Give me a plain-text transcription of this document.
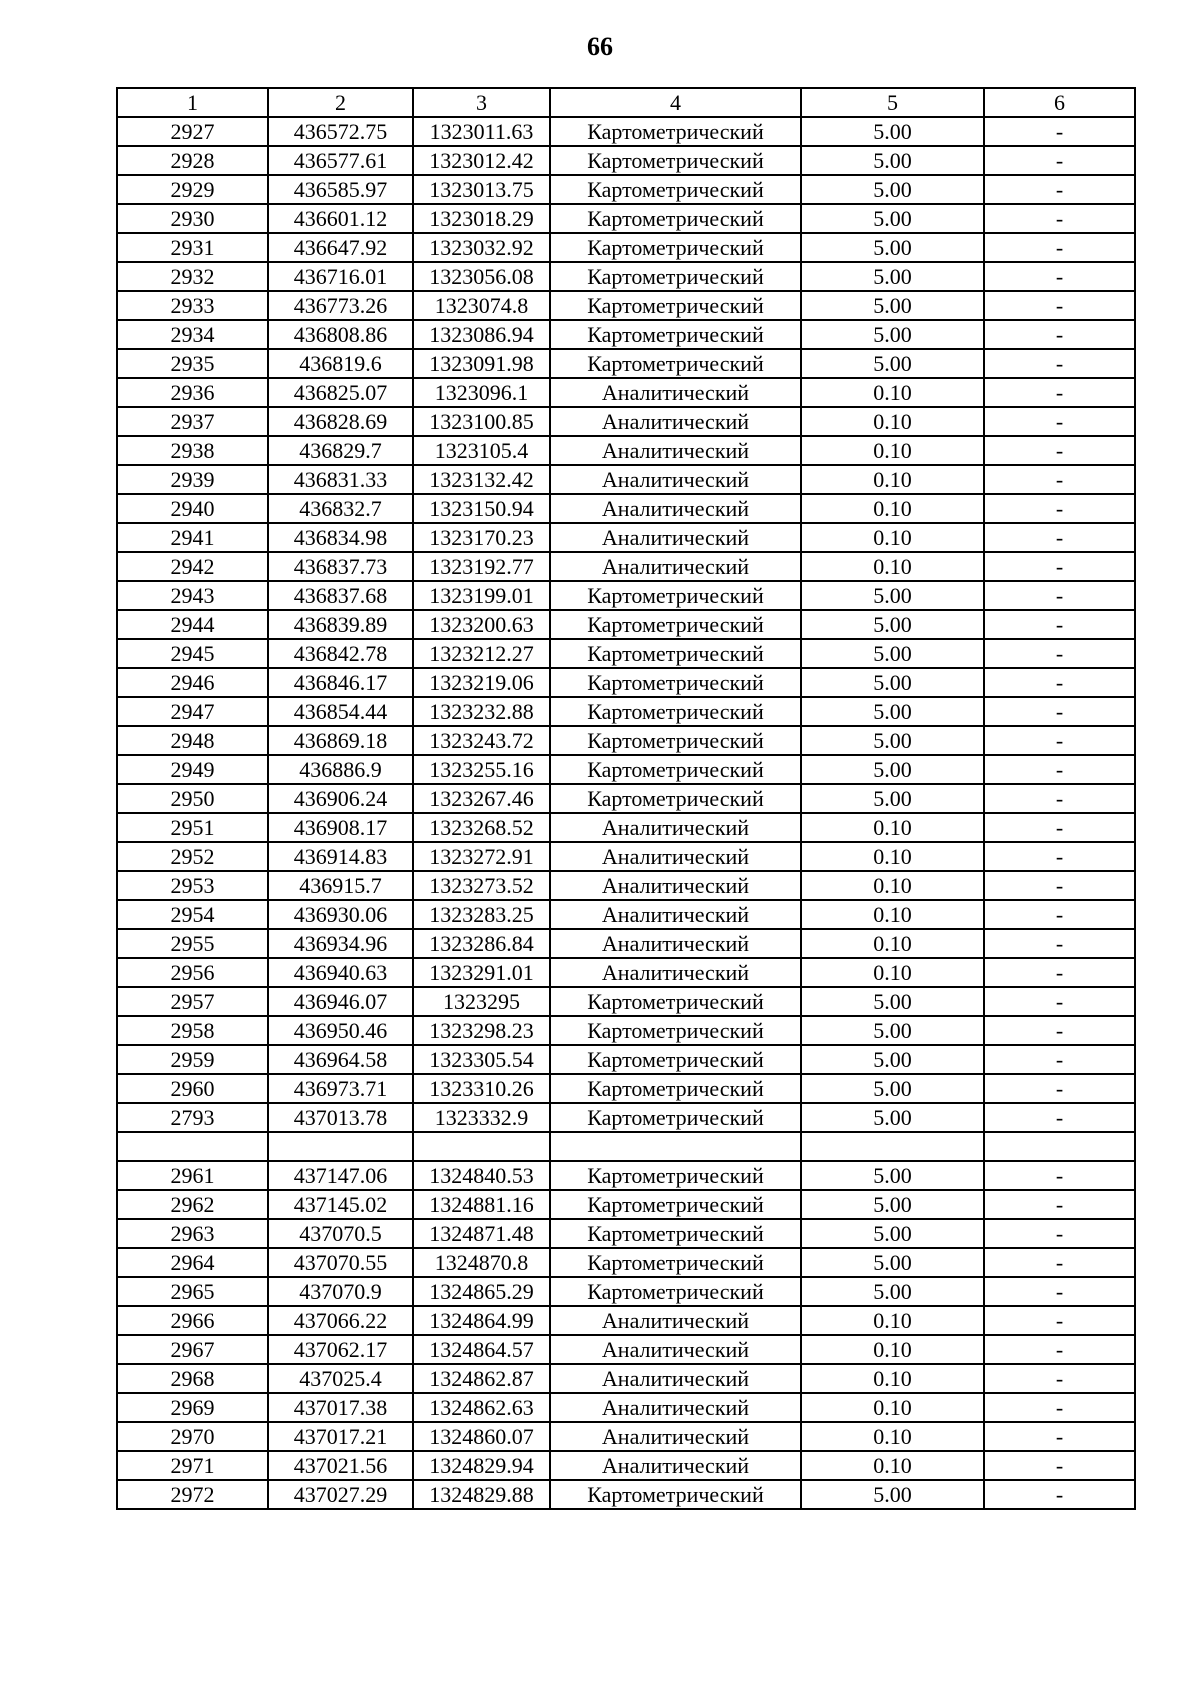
66
1	2	3	4	5	6
2927	436572.75	1323011.63	Картометрический	5.00	-
2928	436577.61	1323012.42	Картометрический	5.00	-
2929	436585.97	1323013.75	Картометрический	5.00	-
2930	436601.12	1323018.29	Картометрический	5.00	-
2931	436647.92	1323032.92	Картометрический	5.00	-
2932	436716.01	1323056.08	Картометрический	5.00	-
2933	436773.26	1323074.8	Картометрический	5.00	-
2934	436808.86	1323086.94	Картометрический	5.00	-
2935	436819.6	1323091.98	Картометрический	5.00	-
2936	436825.07	1323096.1	Аналитический	0.10	-
2937	436828.69	1323100.85	Аналитический	0.10	-
2938	436829.7	1323105.4	Аналитический	0.10	-
2939	436831.33	1323132.42	Аналитический	0.10	-
2940	436832.7	1323150.94	Аналитический	0.10	-
2941	436834.98	1323170.23	Аналитический	0.10	-
2942	436837.73	1323192.77	Аналитический	0.10	-
2943	436837.68	1323199.01	Картометрический	5.00	-
2944	436839.89	1323200.63	Картометрический	5.00	-
2945	436842.78	1323212.27	Картометрический	5.00	-
2946	436846.17	1323219.06	Картометрический	5.00	-
2947	436854.44	1323232.88	Картометрический	5.00	-
2948	436869.18	1323243.72	Картометрический	5.00	-
2949	436886.9	1323255.16	Картометрический	5.00	-
2950	436906.24	1323267.46	Картометрический	5.00	-
2951	436908.17	1323268.52	Аналитический	0.10	-
2952	436914.83	1323272.91	Аналитический	0.10	-
2953	436915.7	1323273.52	Аналитический	0.10	-
2954	436930.06	1323283.25	Аналитический	0.10	-
2955	436934.96	1323286.84	Аналитический	0.10	-
2956	436940.63	1323291.01	Аналитический	0.10	-
2957	436946.07	1323295	Картометрический	5.00	-
2958	436950.46	1323298.23	Картометрический	5.00	-
2959	436964.58	1323305.54	Картометрический	5.00	-
2960	436973.71	1323310.26	Картометрический	5.00	-
2793	437013.78	1323332.9	Картометрический	5.00	-

2961	437147.06	1324840.53	Картометрический	5.00	-
2962	437145.02	1324881.16	Картометрический	5.00	-
2963	437070.5	1324871.48	Картометрический	5.00	-
2964	437070.55	1324870.8	Картометрический	5.00	-
2965	437070.9	1324865.29	Картометрический	5.00	-
2966	437066.22	1324864.99	Аналитический	0.10	-
2967	437062.17	1324864.57	Аналитический	0.10	-
2968	437025.4	1324862.87	Аналитический	0.10	-
2969	437017.38	1324862.63	Аналитический	0.10	-
2970	437017.21	1324860.07	Аналитический	0.10	-
2971	437021.56	1324829.94	Аналитический	0.10	-
2972	437027.29	1324829.88	Картометрический	5.00	-
